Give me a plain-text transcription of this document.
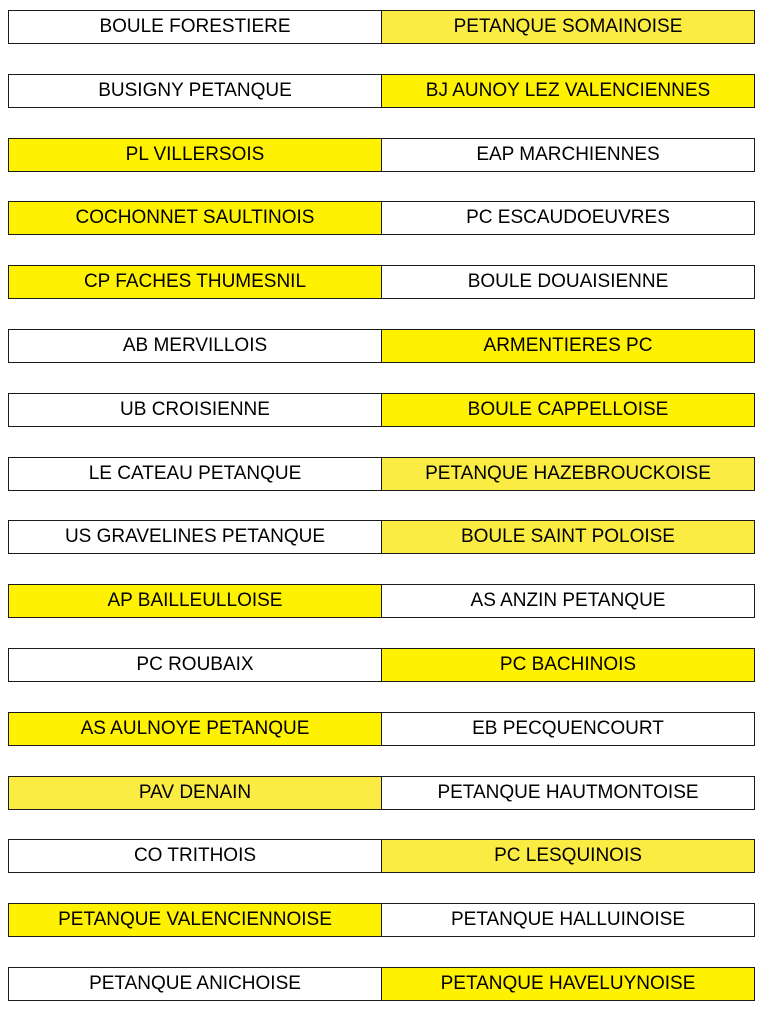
BOULE FORESTIERE	PETANQUE SOMAINOISE
BUSIGNY PETANQUE	BJ AUNOY LEZ VALENCIENNES
PL VILLERSOIS	EAP MARCHIENNES
COCHONNET SAULTINOIS	PC ESCAUDOEUVRES
CP FACHES THUMESNIL	BOULE DOUAISIENNE
AB MERVILLOIS	ARMENTIERES PC
UB CROISIENNE	BOULE CAPPELLOISE
LE CATEAU PETANQUE	PETANQUE HAZEBROUCKOISE
US GRAVELINES PETANQUE	BOULE SAINT POLOISE
AP BAILLEULLOISE	AS ANZIN PETANQUE
PC ROUBAIX	PC BACHINOIS
AS AULNOYE PETANQUE	EB PECQUENCOURT
PAV DENAIN	PETANQUE HAUTMONTOISE
CO TRITHOIS	PC LESQUINOIS
PETANQUE VALENCIENNOISE	PETANQUE HALLUINOISE
PETANQUE ANICHOISE	PETANQUE HAVELUYNOISE
